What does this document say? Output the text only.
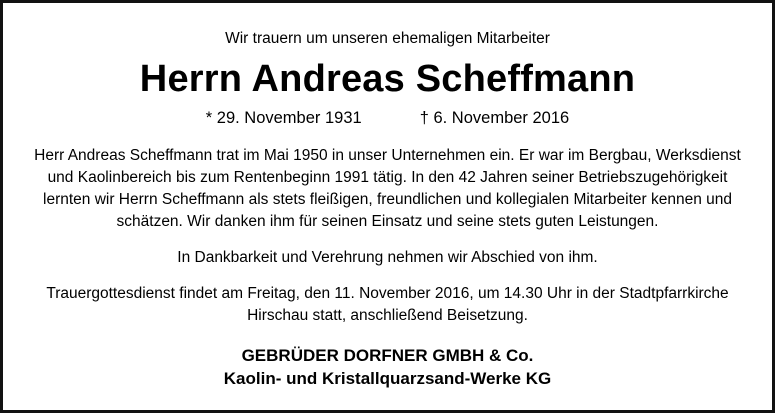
Wir trauern um unseren ehemaligen Mitarbeiter
Herrn Andreas Scheffmann
* 29. November 1931	† 6. November 2016
Herr Andreas Scheffmann trat im Mai 1950 in unser Unternehmen ein. Er war im Bergbau, Werksdienst und Kaolinbereich bis zum Rentenbeginn 1991 tätig. In den 42 Jahren seiner Betriebszugehörigkeit lernten wir Herrn Scheffmann als stets fleißigen, freundlichen und kollegialen Mitarbeiter kennen und schätzen. Wir danken ihm für seinen Einsatz und seine stets guten Leistungen.
In Dankbarkeit und Verehrung nehmen wir Abschied von ihm.
Trauergottesdienst findet am Freitag, den 11. November 2016, um 14.30 Uhr in der Stadtpfarrkirche Hirschau statt, anschließend Beisetzung.
GEBRÜDER DORFNER GMBH & Co.
Kaolin- und Kristallquarzsand-Werke KG
